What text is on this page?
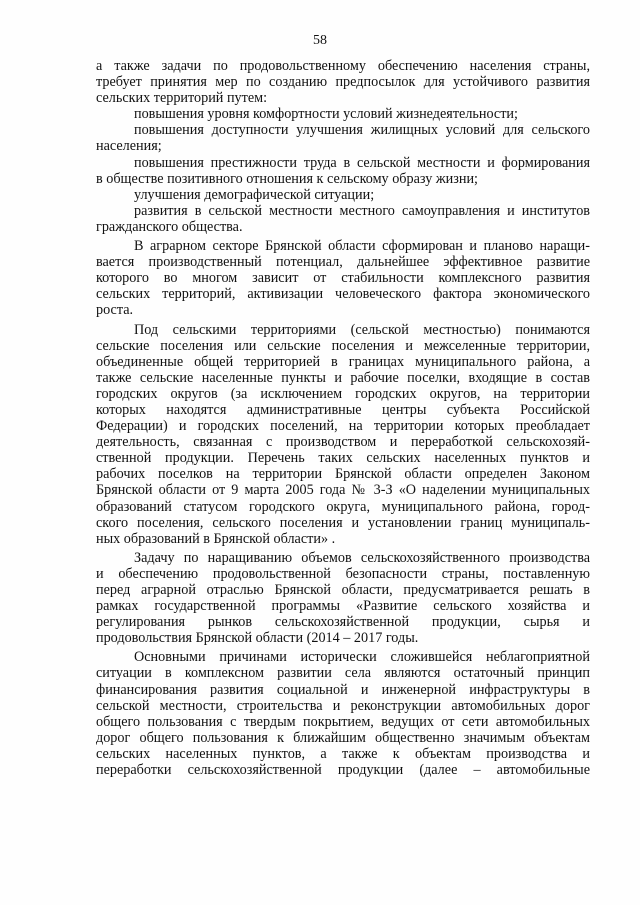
58
а также задачи по продовольственному обеспечению населения страны,
требует принятия мер по созданию предпосылок для устойчивого развития
сельских территорий путем:
повышения уровня комфортности условий жизнедеятельности;
повышения доступности улучшения жилищных условий для сельского
населения;
повышения престижности труда в сельской местности и формирования
в обществе позитивного отношения к сельскому образу жизни;
улучшения демографической ситуации;
развития в сельской местности местного самоуправления и институтов
гражданского общества.
В аграрном секторе Брянской области сформирован и планово наращи-
вается производственный потенциал, дальнейшее эффективное развитие
которого во многом зависит от стабильности комплексного развития
сельских территорий, активизации человеческого фактора экономического
роста.
Под сельскими территориями (сельской местностью) понимаются
сельские поселения или сельские поселения и межселенные территории,
объединенные общей территорией в границах муниципального района, а
также сельские населенные пункты и рабочие поселки, входящие в состав
городских округов (за исключением городских округов, на территории
которых находятся административные центры субъекта Российской
Федерации) и городских поселений, на территории которых преобладает
деятельность, связанная с производством и переработкой сельскохозяй-
ственной продукции. Перечень таких сельских населенных пунктов и
рабочих поселков на территории Брянской области определен Законом
Брянской области от 9 марта 2005 года № 3-З «О наделении муниципальных
образований статусом городского округа, муниципального района, город-
ского поселения, сельского поселения и установлении границ муниципаль-
ных образований в Брянской области» .
Задачу по наращиванию объемов сельскохозяйственного производства
и обеспечению продовольственной безопасности страны, поставленную
перед аграрной отраслью Брянской области, предусматривается решать в
рамках государственной программы «Развитие сельского хозяйства и
регулирования рынков сельскохозяйственной продукции, сырья и
продовольствия Брянской области (2014 – 2017 годы.
Основными причинами исторически сложившейся неблагоприятной
ситуации в комплексном развитии села являются остаточный принцип
финансирования развития социальной и инженерной инфраструктуры в
сельской местности, строительства и реконструкции автомобильных дорог
общего пользования с твердым покрытием, ведущих от сети автомобильных
дорог общего пользования к ближайшим общественно значимым объектам
сельских населенных пунктов, а также к объектам производства и
переработки сельскохозяйственной продукции (далее – автомобильные
